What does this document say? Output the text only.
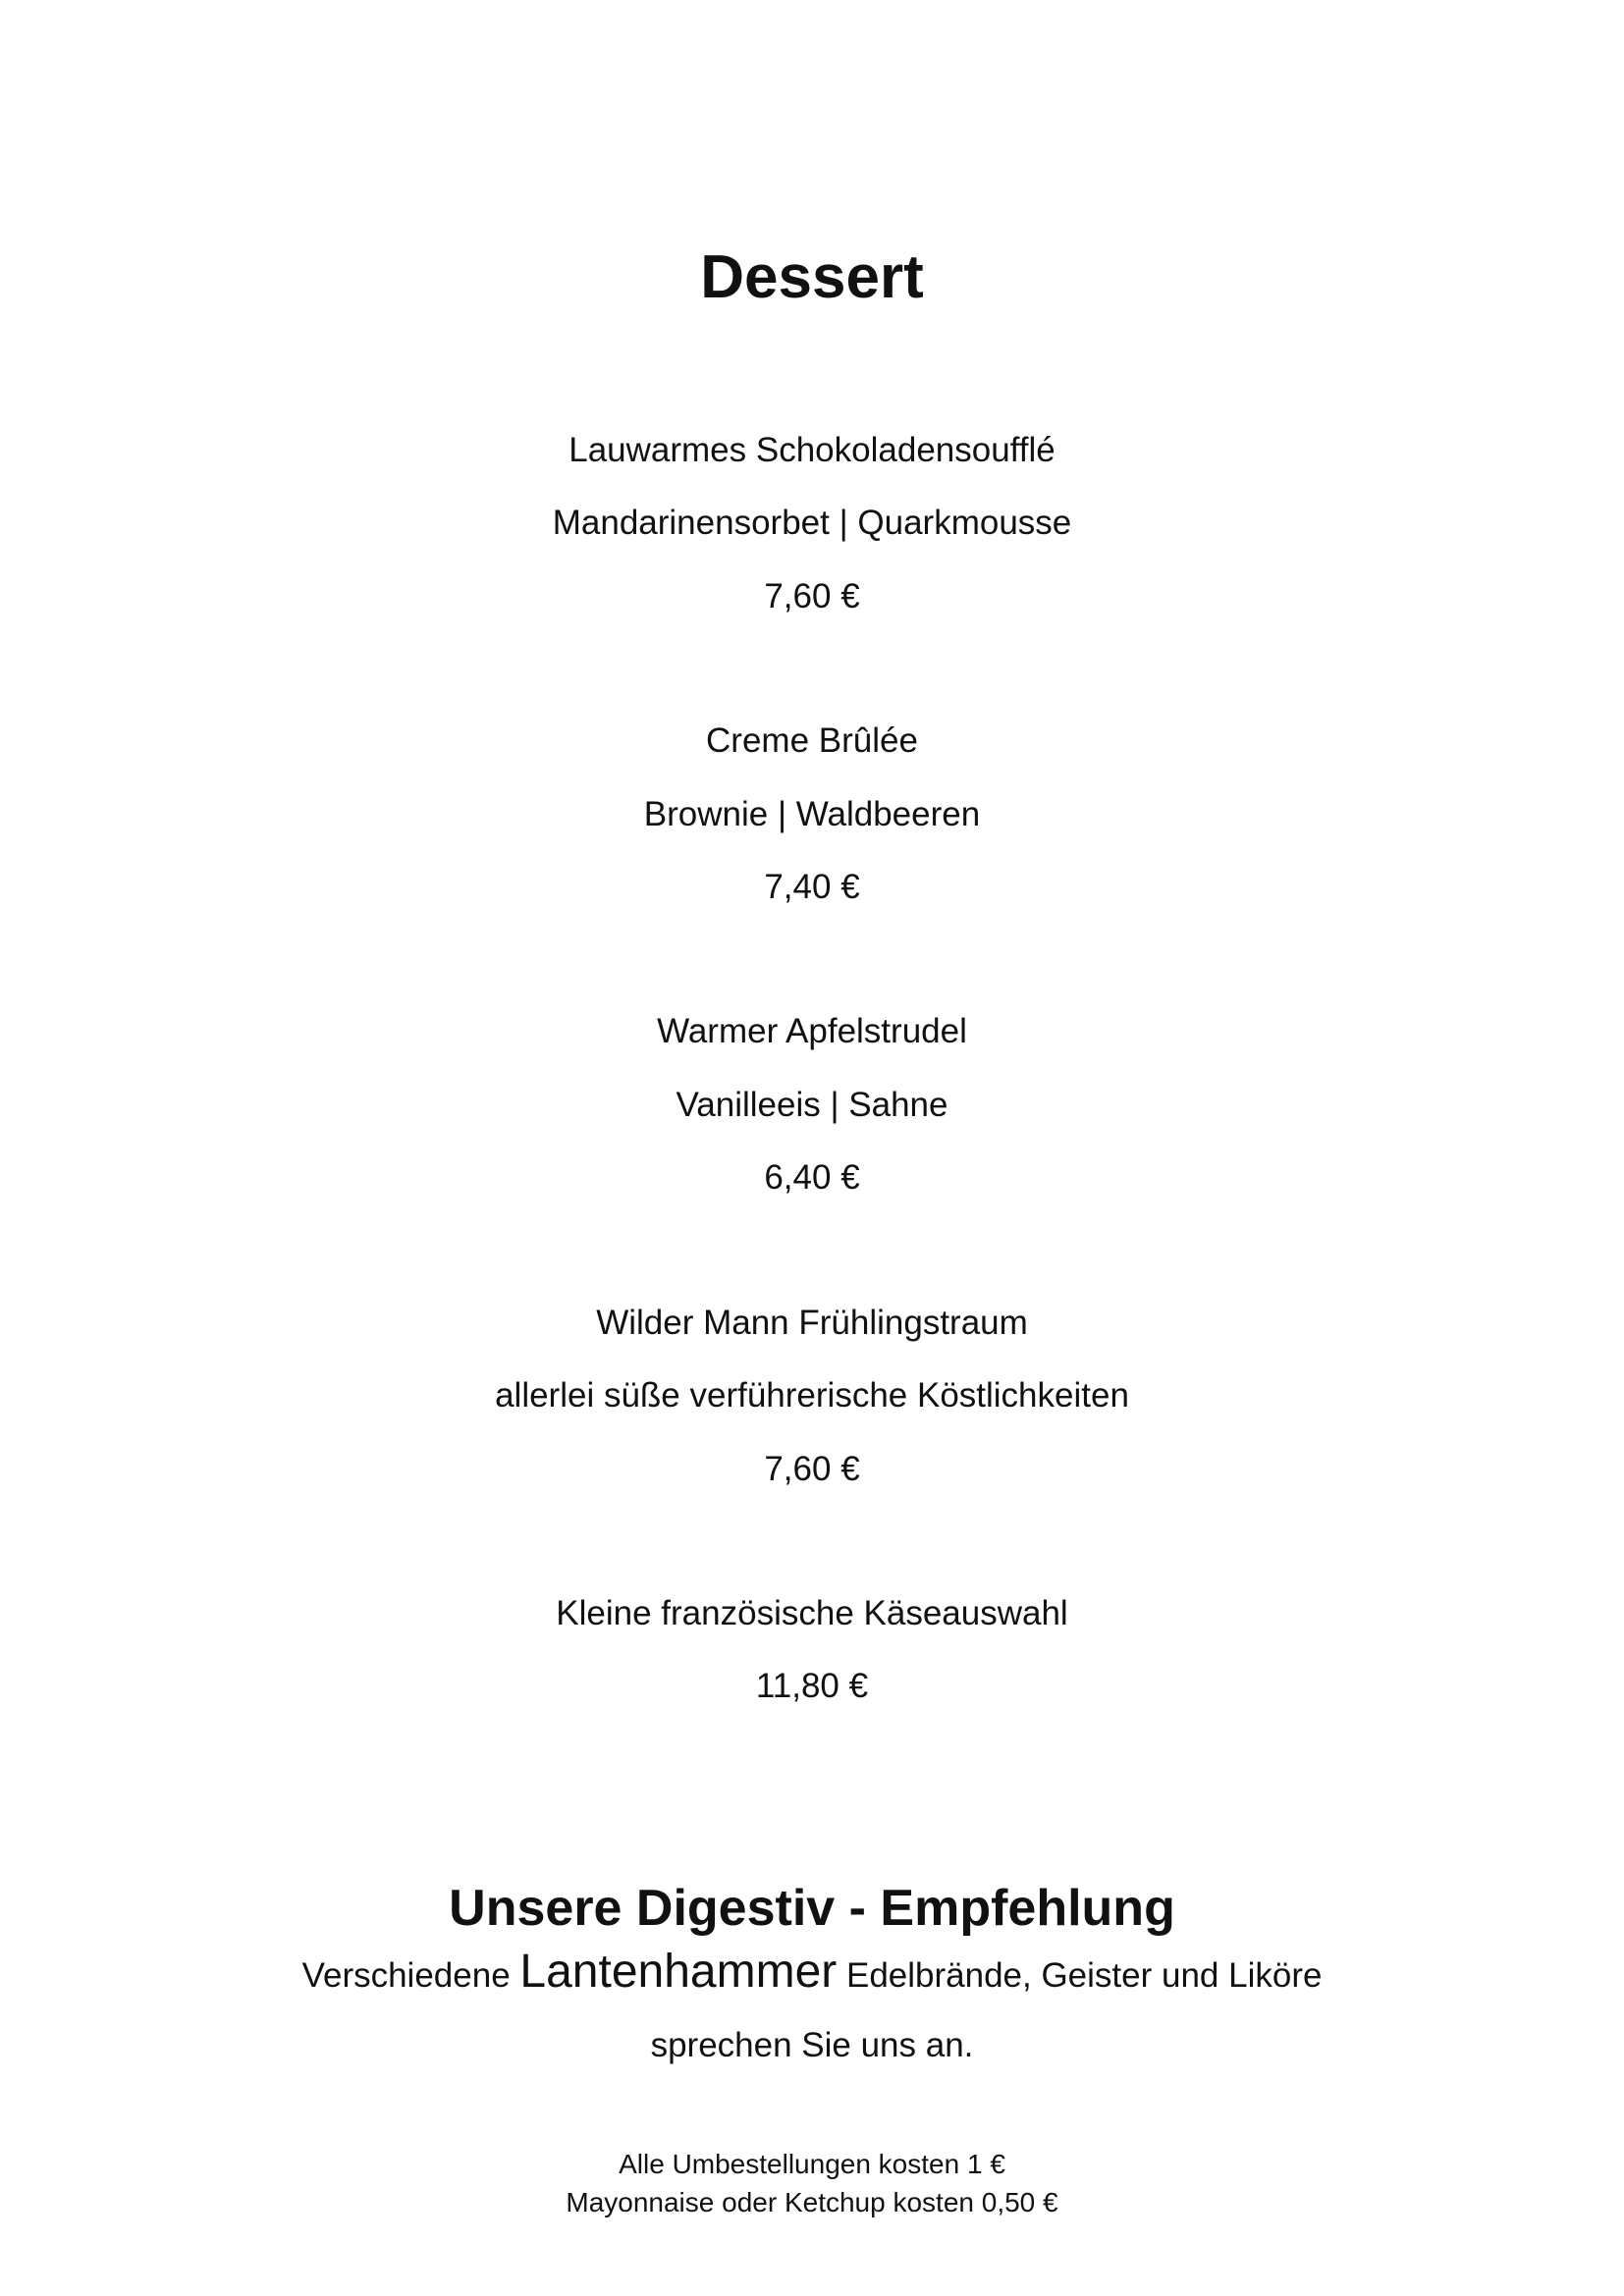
Dessert
Lauwarmes Schokoladensoufflé
Mandarinensorbet | Quarkmousse
7,60 €
Creme Brûlée
Brownie | Waldbeeren
7,40 €
Warmer Apfelstrudel
Vanilleeis | Sahne
6,40 €
Wilder Mann Frühlingstraum
allerlei süße verführerische Köstlichkeiten
7,60 €
Kleine französische Käseauswahl
11,80 €
Unsere Digestiv - Empfehlung
Verschiedene Lantenhammer Edelbrände, Geister und Liköre
sprechen Sie uns an.
Alle Umbestellungen kosten 1 €
Mayonnaise oder Ketchup kosten 0,50 €
